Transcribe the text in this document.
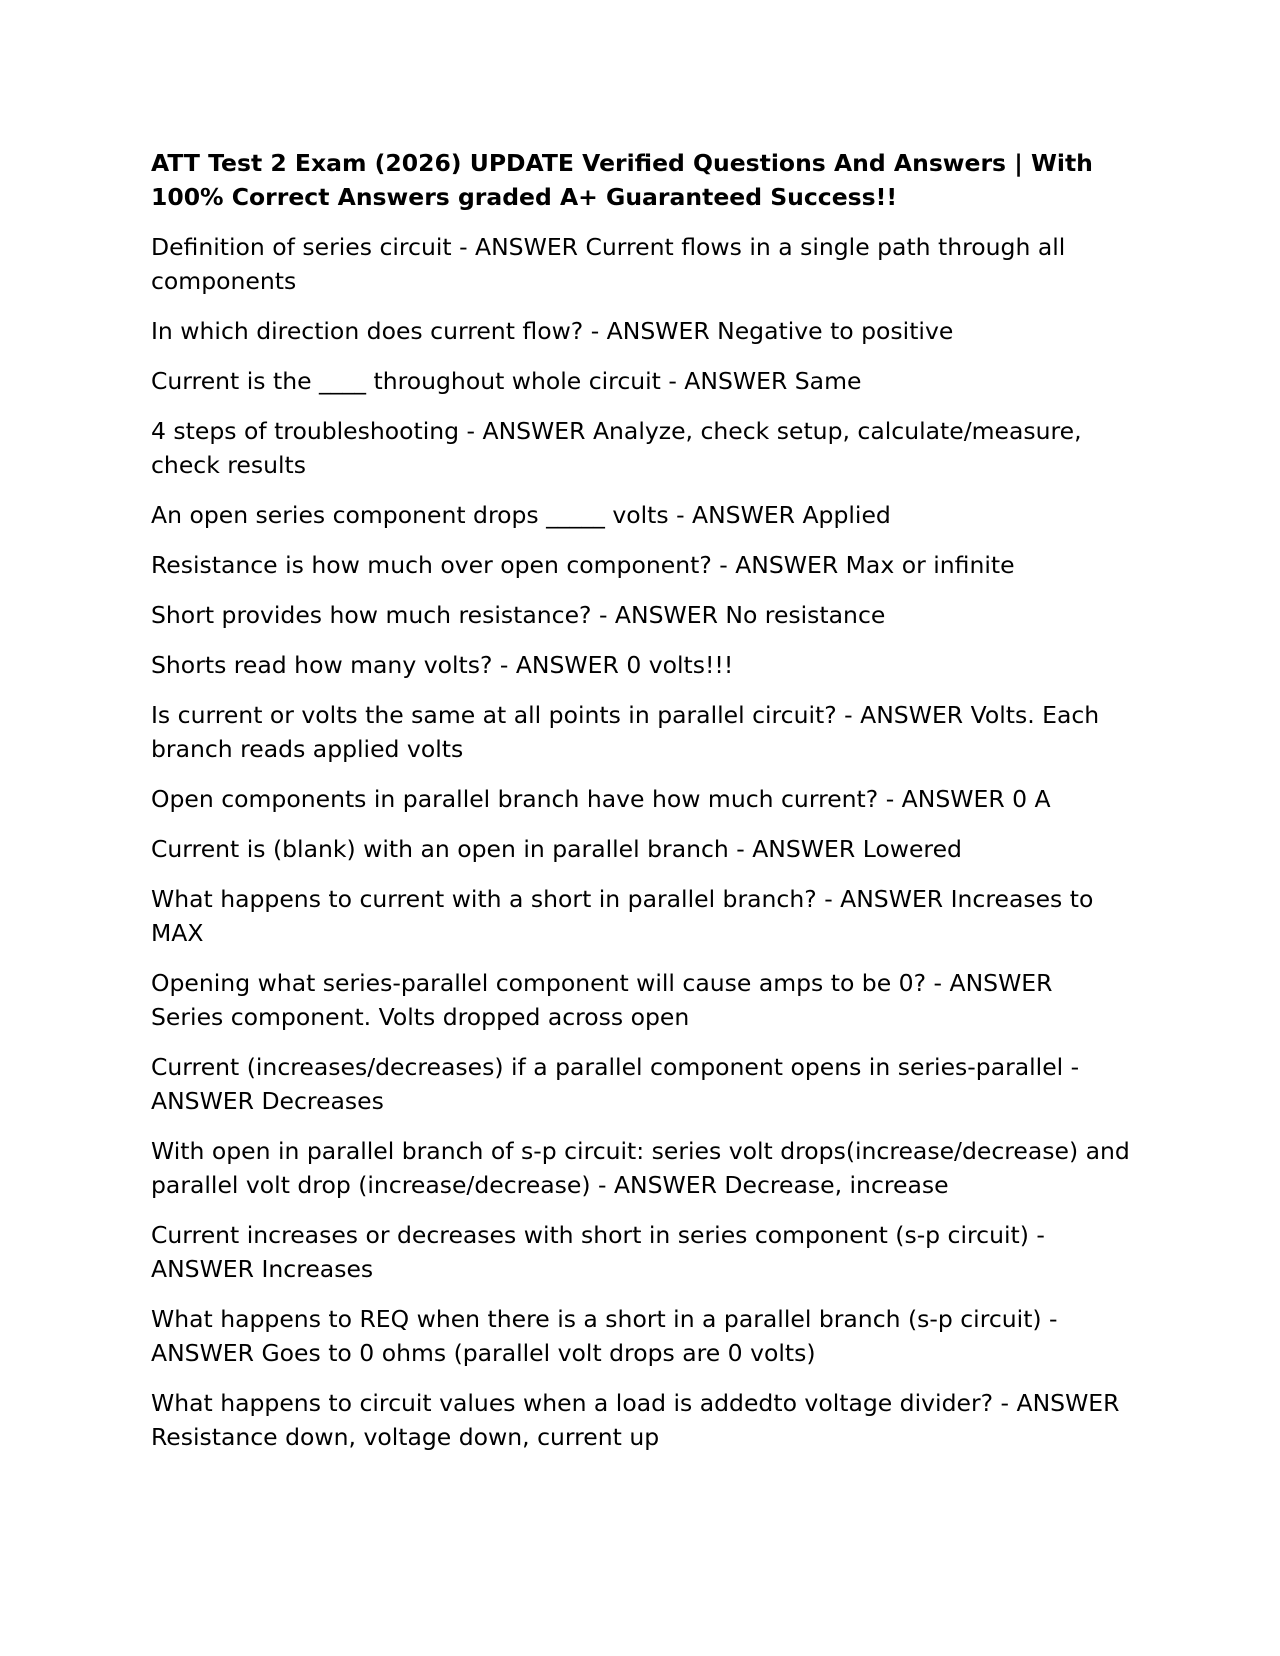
ATT Test 2 Exam (2026) UPDATE Verified Questions And Answers | With 100% Correct Answers graded A+ Guaranteed Success!!

Definition of series circuit - ANSWER Current flows in a single path through all components

In which direction does current flow? - ANSWER Negative to positive

Current is the ____ throughout whole circuit - ANSWER Same

4 steps of troubleshooting - ANSWER Analyze, check setup, calculate/measure, check results

An open series component drops _____ volts - ANSWER Applied

Resistance is how much over open component? - ANSWER Max or infinite

Short provides how much resistance? - ANSWER No resistance

Shorts read how many volts? - ANSWER 0 volts!!!

Is current or volts the same at all points in parallel circuit? - ANSWER Volts. Each branch reads applied volts

Open components in parallel branch have how much current? - ANSWER 0 A

Current is (blank) with an open in parallel branch - ANSWER Lowered

What happens to current with a short in parallel branch? - ANSWER Increases to MAX

Opening what series-parallel component will cause amps to be 0? - ANSWER Series component. Volts dropped across open

Current (increases/decreases) if a parallel component opens in series-parallel - ANSWER Decreases

With open in parallel branch of s-p circuit: series volt drops(increase/decrease) and parallel volt drop (increase/decrease) - ANSWER Decrease, increase

Current increases or decreases with short in series component (s-p circuit) - ANSWER Increases

What happens to REQ when there is a short in a parallel branch (s-p circuit) - ANSWER Goes to 0 ohms (parallel volt drops are 0 volts)

What happens to circuit values when a load is addedto voltage divider? - ANSWER Resistance down, voltage down, current up
